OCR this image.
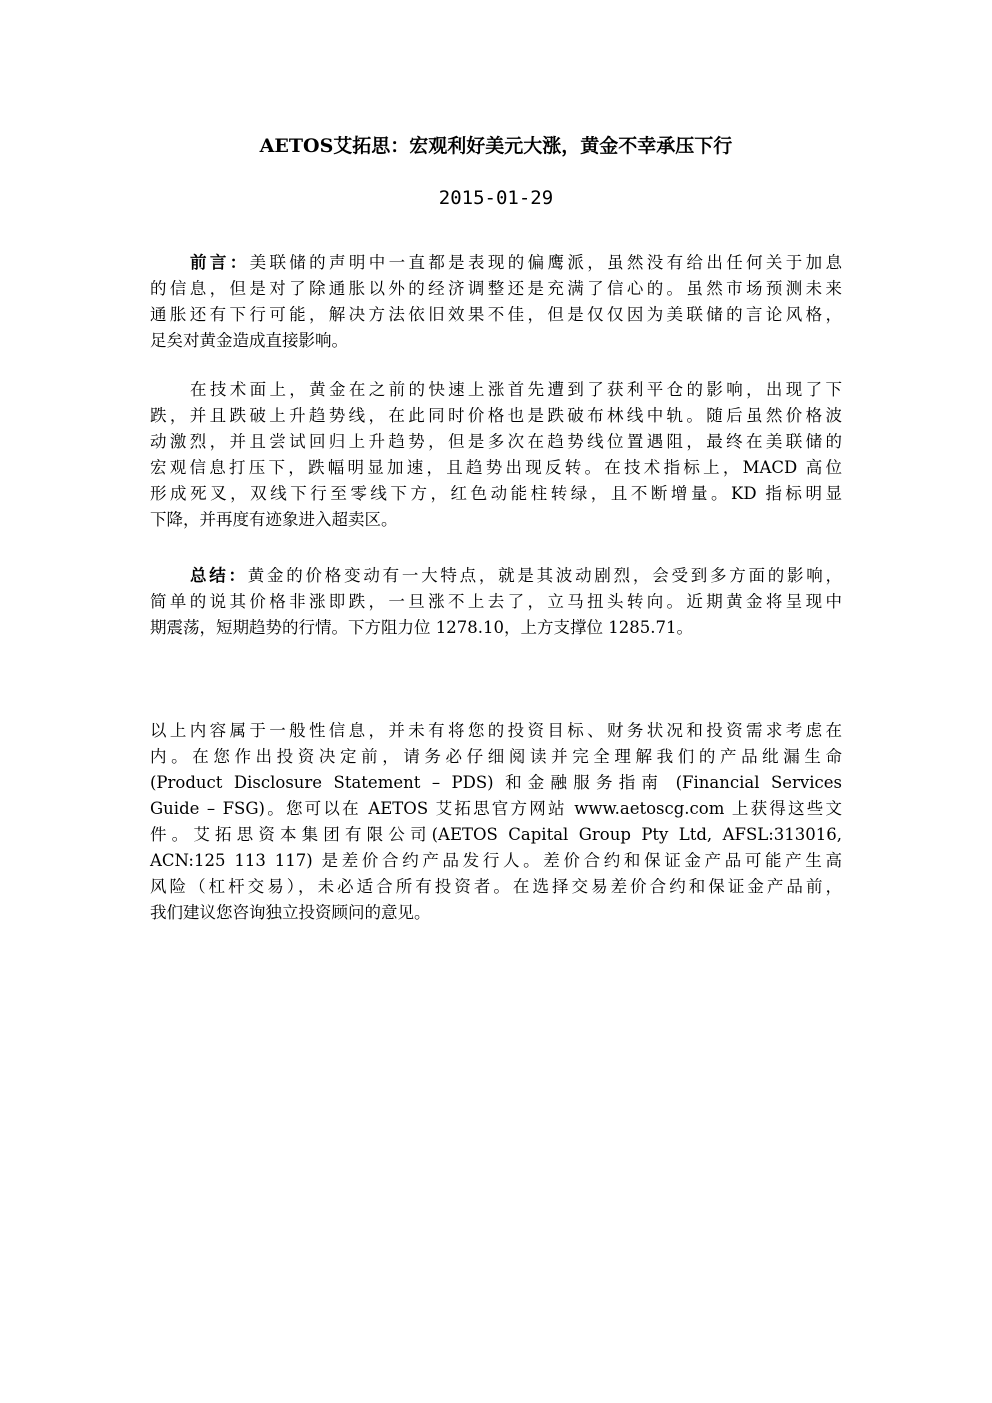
AETOS艾拓思：宏观利好美元大涨，黄金不幸承压下行
2015-01-29

前言：美联储的声明中一直都是表现的偏鹰派，虽然没有给出任何关于加息
的信息，但是对了除通胀以外的经济调整还是充满了信心的。虽然市场预测未来
通胀还有下行可能，解决方法依旧效果不佳，但是仅仅因为美联储的言论风格，
足矣对黄金造成直接影响。

在技术面上，黄金在之前的快速上涨首先遭到了获利平仓的影响，出现了下
跌，并且跌破上升趋势线，在此同时价格也是跌破布林线中轨。随后虽然价格波
动激烈，并且尝试回归上升趋势，但是多次在趋势线位置遇阻，最终在美联储的
宏观信息打压下，跌幅明显加速，且趋势出现反转。在技术指标上，MACD 高位
形成死叉，双线下行至零线下方，红色动能柱转绿，且不断增量。KD 指标明显
下降，并再度有迹象进入超卖区。

总结：黄金的价格变动有一大特点，就是其波动剧烈，会受到多方面的影响，
简单的说其价格非涨即跌，一旦涨不上去了，立马扭头转向。近期黄金将呈现中
期震荡，短期趋势的行情。下方阻力位 1278.10，上方支撑位 1285.71。

以上内容属于一般性信息，并未有将您的投资目标、财务状况和投资需求考虑在
内。在您作出投资决定前，请务必仔细阅读并完全理解我们的产品纰漏生命
(Product Disclosure Statement – PDS) 和金融服务指南 (Financial Services
Guide – FSG)。您可以在 AETOS 艾拓思官方网站 www.aetoscg.com 上获得这些文
件。艾拓思资本集团有限公司(AETOS Capital Group Pty Ltd, AFSL:313016,
ACN:125 113 117) 是差价合约产品发行人。差价合约和保证金产品可能产生高
风险（杠杆交易），未必适合所有投资者。在选择交易差价合约和保证金产品前，
我们建议您咨询独立投资顾问的意见。
